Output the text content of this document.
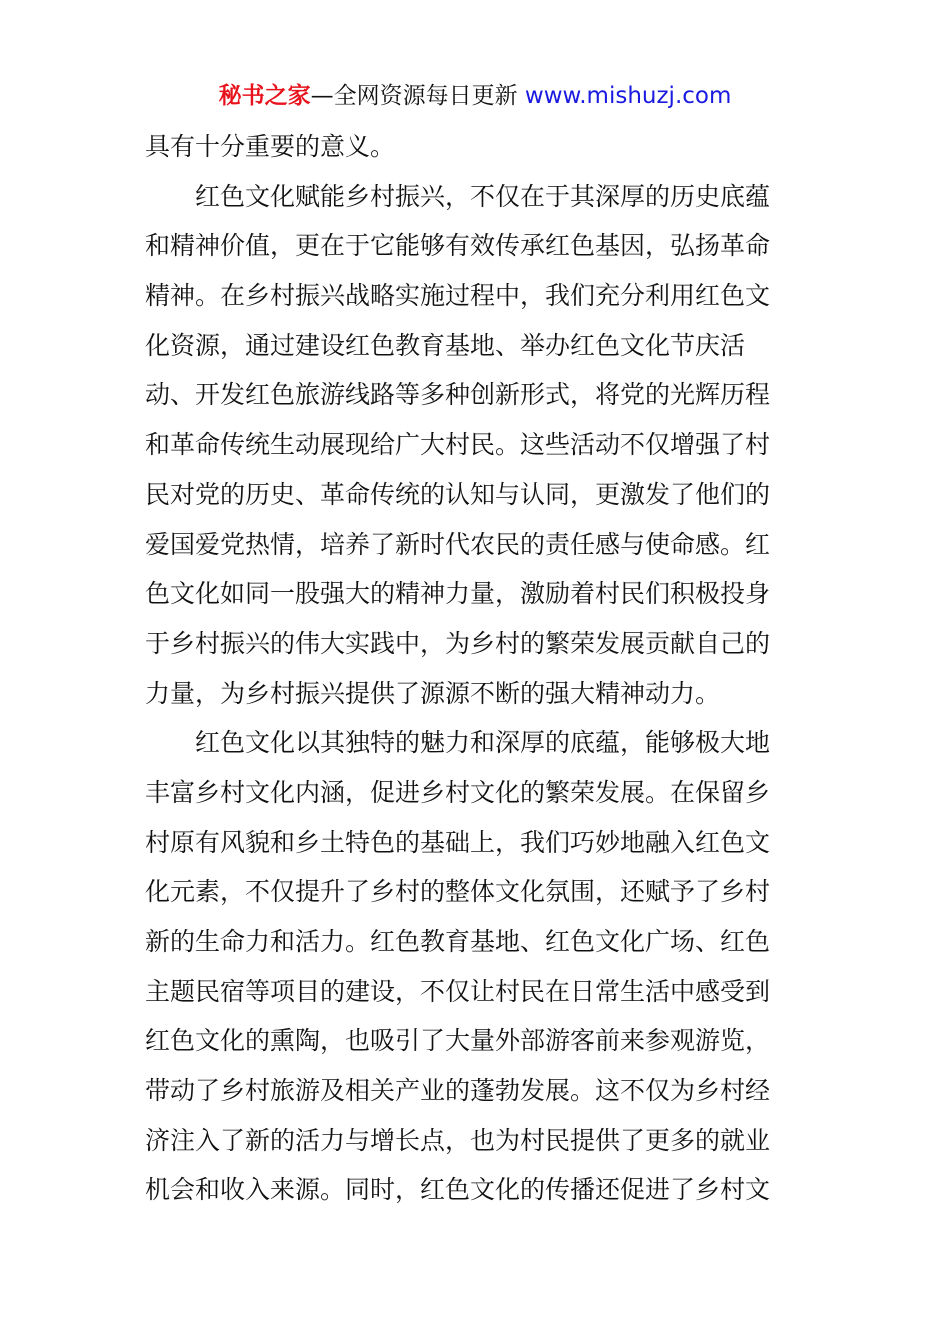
秘书之家—全网资源每日更新 www.mishuzj.com
具有十分重要的意义。
　　红色文化赋能乡村振兴，不仅在于其深厚的历史底蕴
和精神价值，更在于它能够有效传承红色基因，弘扬革命
精神。在乡村振兴战略实施过程中，我们充分利用红色文
化资源，通过建设红色教育基地、举办红色文化节庆活
动、开发红色旅游线路等多种创新形式，将党的光辉历程
和革命传统生动展现给广大村民。这些活动不仅增强了村
民对党的历史、革命传统的认知与认同，更激发了他们的
爱国爱党热情，培养了新时代农民的责任感与使命感。红
色文化如同一股强大的精神力量，激励着村民们积极投身
于乡村振兴的伟大实践中，为乡村的繁荣发展贡献自己的
力量，为乡村振兴提供了源源不断的强大精神动力。
　　红色文化以其独特的魅力和深厚的底蕴，能够极大地
丰富乡村文化内涵，促进乡村文化的繁荣发展。在保留乡
村原有风貌和乡土特色的基础上，我们巧妙地融入红色文
化元素，不仅提升了乡村的整体文化氛围，还赋予了乡村
新的生命力和活力。红色教育基地、红色文化广场、红色
主题民宿等项目的建设，不仅让村民在日常生活中感受到
红色文化的熏陶，也吸引了大量外部游客前来参观游览，
带动了乡村旅游及相关产业的蓬勃发展。这不仅为乡村经
济注入了新的活力与增长点，也为村民提供了更多的就业
机会和收入来源。同时，红色文化的传播还促进了乡村文
